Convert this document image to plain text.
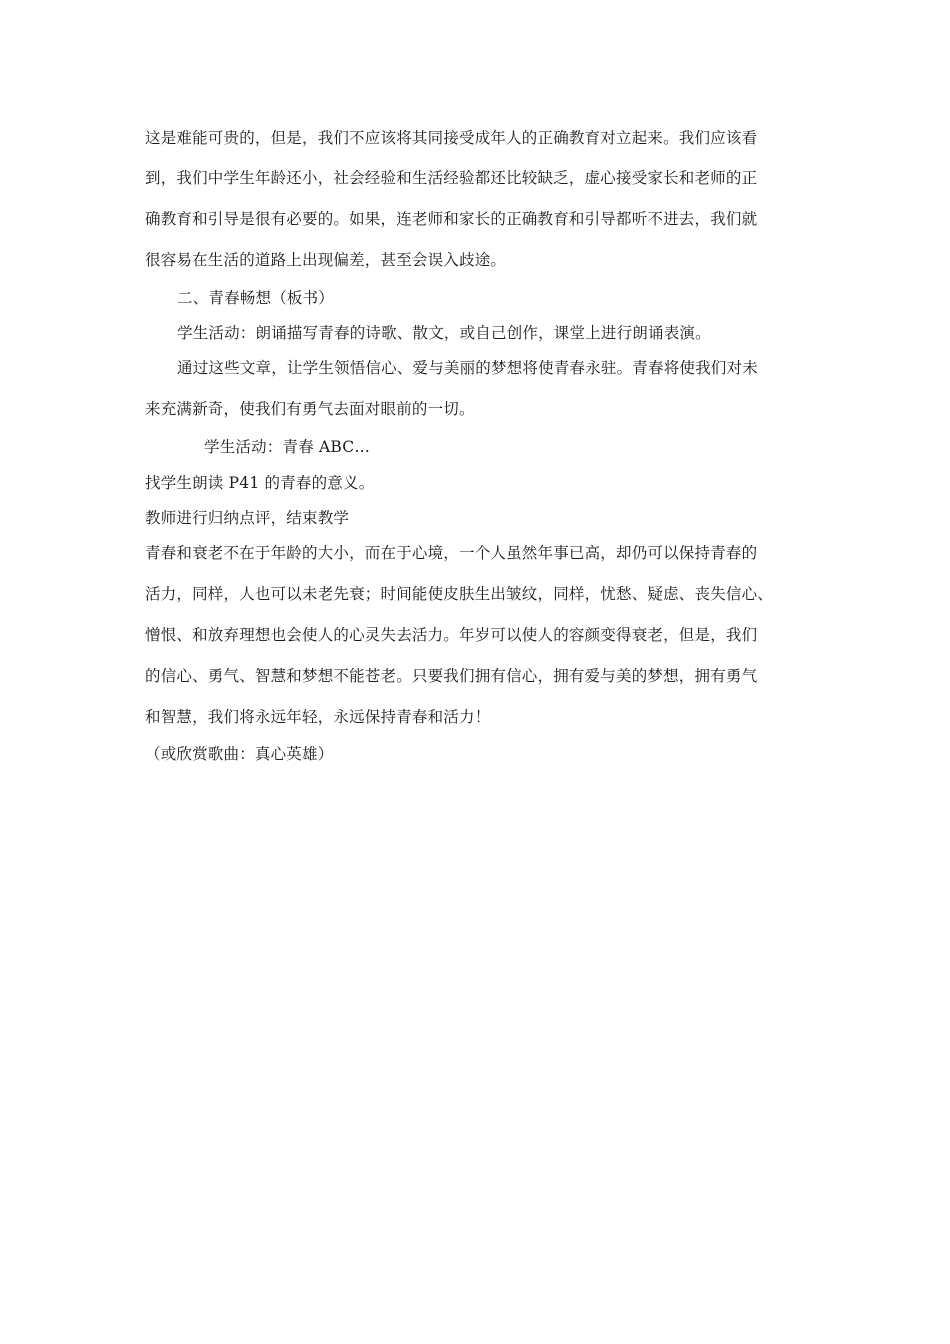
这是难能可贵的，但是，我们不应该将其同接受成年人的正确教育对立起来。我们应该看
到，我们中学生年龄还小，社会经验和生活经验都还比较缺乏，虚心接受家长和老师的正
确教育和引导是很有必要的。如果，连老师和家长的正确教育和引导都听不进去，我们就
很容易在生活的道路上出现偏差，甚至会误入歧途。
二、青春畅想（板书）
学生活动：朗诵描写青春的诗歌、散文，或自己创作，课堂上进行朗诵表演。
通过这些文章，让学生领悟信心、爱与美丽的梦想将使青春永驻。青春将使我们对未
来充满新奇，使我们有勇气去面对眼前的一切。
学生活动：青春 ABC…
找学生朗读 P41 的青春的意义。
教师进行归纳点评，结束教学
青春和衰老不在于年龄的大小，而在于心境，一个人虽然年事已高，却仍可以保持青春的
活力，同样，人也可以未老先衰；时间能使皮肤生出皱纹，同样，忧愁、疑虑、丧失信心、
憎恨、和放弃理想也会使人的心灵失去活力。年岁可以使人的容颜变得衰老，但是，我们
的信心、勇气、智慧和梦想不能苍老。只要我们拥有信心，拥有爱与美的梦想，拥有勇气
和智慧，我们将永远年轻，永远保持青春和活力！
（或欣赏歌曲：真心英雄）
